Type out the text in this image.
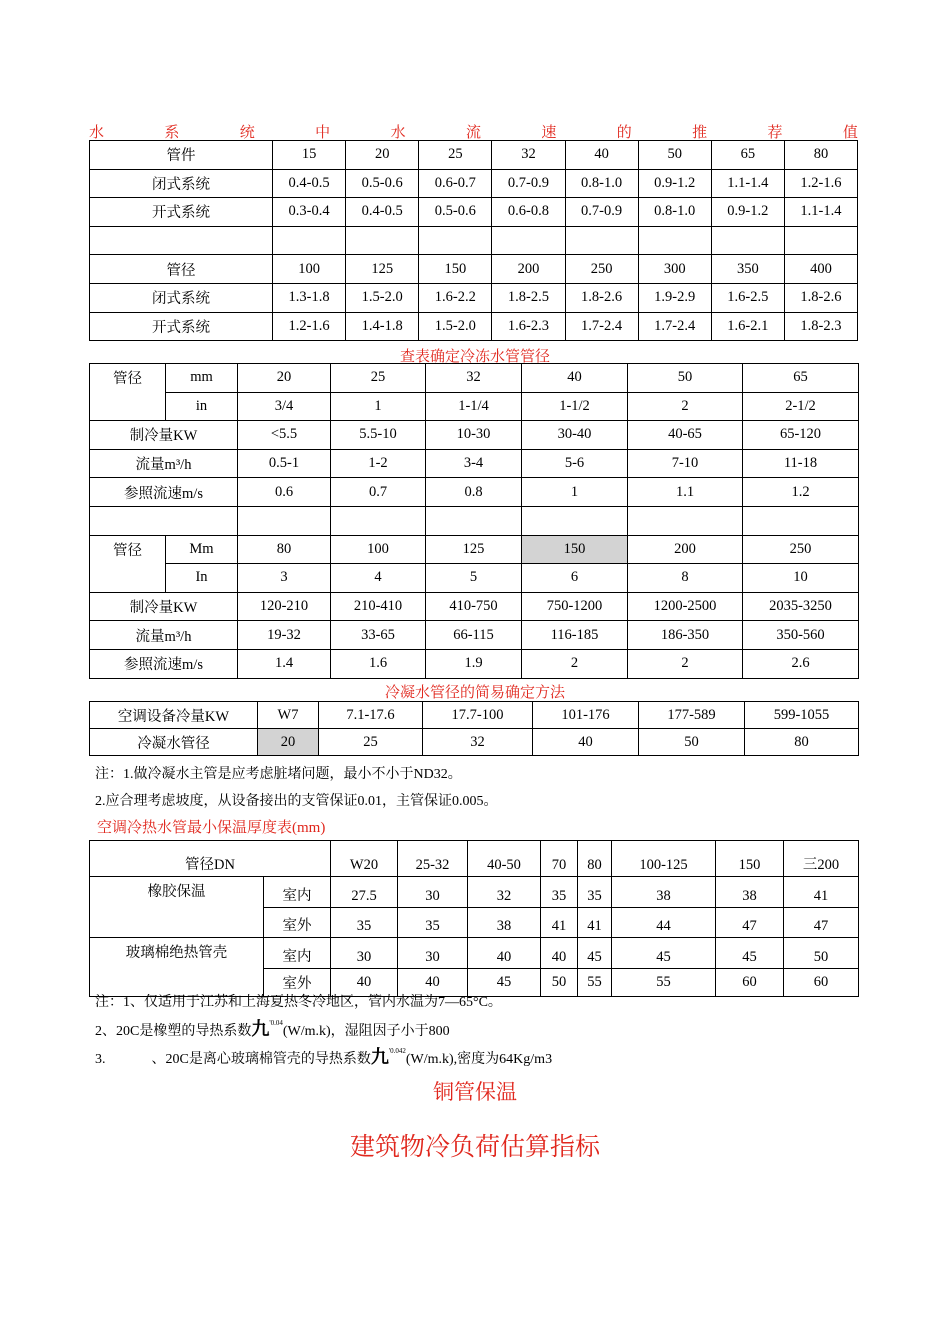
水	系	统	中	水	流	速	的	推	荐	值
管件	15	20	25	32	40	50	65	80
闭式系统	0.4-0.5	0.5-0.6	0.6-0.7	0.7-0.9	0.8-1.0	0.9-1.2	1.1-1.4	1.2-1.6
开式系统	0.3-0.4	0.4-0.5	0.5-0.6	0.6-0.8	0.7-0.9	0.8-1.0	0.9-1.2	1.1-1.4

管径	100	125	150	200	250	300	350	400
闭式系统	1.3-1.8	1.5-2.0	1.6-2.2	1.8-2.5	1.8-2.6	1.9-2.9	1.6-2.5	1.8-2.6
开式系统	1.2-1.6	1.4-1.8	1.5-2.0	1.6-2.3	1.7-2.4	1.7-2.4	1.6-2.1	1.8-2.3
查表确定冷冻水管管径
管径	mm	20	25	32	40	50	65
	in	3/4	1	1-1/4	1-1/2	2	2-1/2
制冷量KW		<5.5	5.5-10	10-30	30-40	40-65	65-120
流量m³/h		0.5-1	1-2	3-4	5-6	7-10	11-18
参照流速m/s		0.6	0.7	0.8	1	1.1	1.2

管径	Mm	80	100	125	150	200	250
	In	3	4	5	6	8	10
制冷量KW		120-210	210-410	410-750	750-1200	1200-2500	2035-3250
流量m³/h		19-32	33-65	66-115	116-185	186-350	350-560
参照流速m/s		1.4	1.6	1.9	2	2	2.6
冷凝水管径的简易确定方法
空调设备冷量KW	W7	7.1-17.6	17.7-100	101-176	177-589	599-1055
冷凝水管径	20	25	32	40	50	80
注：1.做冷凝水主管是应考虑脏堵问题，最小不小于ND32。
2.应合理考虑坡度，从设备接出的支管保证0.01，主管保证0.005。
空调冷热水管最小保温厚度表(mm)
管径DN		W20	25-32	40-50	70	80	100-125	150	三200
橡胶保温	室内	27.5	30	32	35	35	38	38	41
	室外	35	35	38	41	41	44	47	47
玻璃棉绝热管壳	室内	30	30	40	40	45	45	45	50
	室外	40	40	45	50	55	55	60	60
注：1、仅适用于江苏和上海夏热冬冷地区，管内水温为7—65°C。
2、20C是橡塑的导热系数九$^{'0.04}$(W/m.k)，湿阻因子小于800
3.	、20C是离心玻璃棉管壳的导热系数九$^{'0.042}$(W/m.k),密度为64Kg/m3
铜管保温
建筑物冷负荷估算指标
